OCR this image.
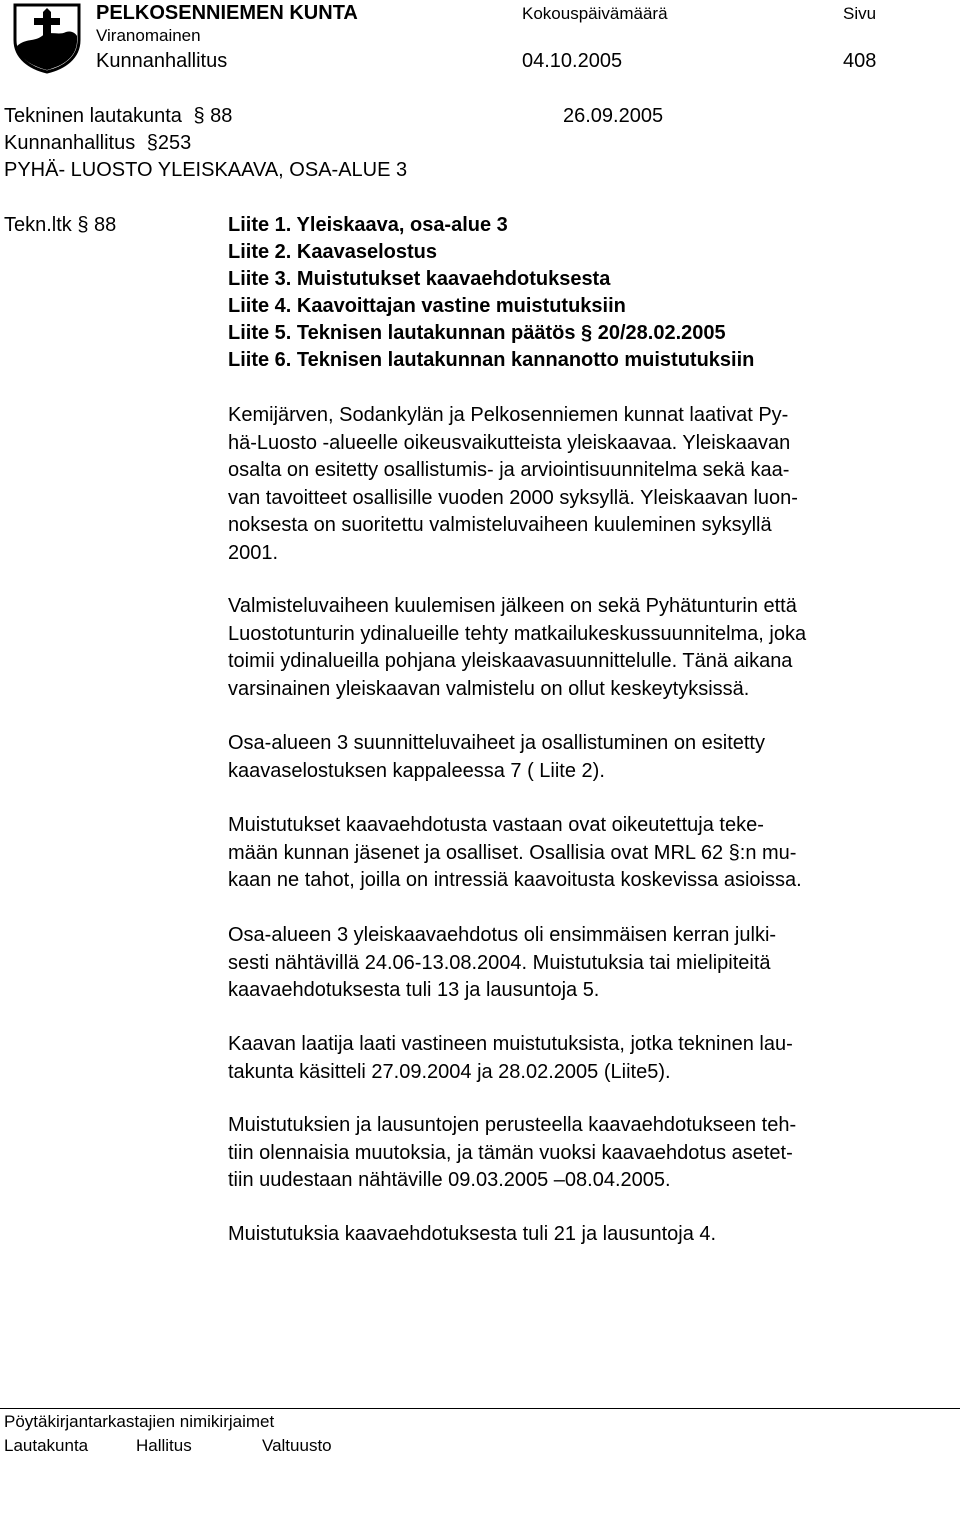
PELKOSENNIEMEN KUNTA	Kokouspäivämäärä	Sivu
Viranomainen
Kunnanhallitus	04.10.2005	408
Tekninen lautakunta § 88	26.09.2005
Kunnanhallitus §253
PYHÄ- LUOSTO YLEISKAAVA, OSA-ALUE 3
Tekn.ltk § 88	Liite 1. Yleiskaava, osa-alue 3
Liite 2. Kaavaselostus
Liite 3. Muistutukset kaavaehdotuksesta
Liite 4. Kaavoittajan vastine muistutuksiin
Liite 5. Teknisen lautakunnan päätös § 20/28.02.2005
Liite 6. Teknisen lautakunnan kannanotto muistutuksiin
Kemijärven, Sodankylän ja Pelkosenniemen kunnat laativat Py-
hä-Luosto -alueelle oikeusvaikutteista yleiskaavaa. Yleiskaavan
osalta on esitetty osallistumis- ja arviointisuunnitelma sekä kaa-
van tavoitteet osallisille vuoden 2000 syksyllä. Yleiskaavan luon-
noksesta on suoritettu valmisteluvaiheen kuuleminen syksyllä
2001.
Valmisteluvaiheen kuulemisen jälkeen on sekä Pyhätunturin että
Luostotunturin ydinalueille tehty matkailukeskussuunnitelma, joka
toimii ydinalueilla pohjana yleiskaavasuunnittelulle. Tänä aikana
varsinainen yleiskaavan valmistelu on ollut keskeytyksissä.
Osa-alueen 3 suunnitteluvaiheet ja osallistuminen on esitetty
kaavaselostuksen kappaleessa 7 ( Liite 2).
Muistutukset kaavaehdotusta vastaan ovat oikeutettuja teke-
mään kunnan jäsenet ja osalliset. Osallisia ovat MRL 62 §:n mu-
kaan ne tahot, joilla on intressiä kaavoitusta koskevissa asioissa.
Osa-alueen 3 yleiskaavaehdotus oli ensimmäisen kerran julki-
sesti nähtävillä 24.06-13.08.2004. Muistutuksia tai mielipiteitä
kaavaehdotuksesta tuli 13 ja lausuntoja 5.
Kaavan laatija laati vastineen muistutuksista, jotka tekninen lau-
takunta käsitteli 27.09.2004 ja 28.02.2005 (Liite5).
Muistutuksien ja lausuntojen perusteella kaavaehdotukseen teh-
tiin olennaisia muutoksia, ja tämän vuoksi kaavaehdotus asetet-
tiin uudestaan nähtäville 09.03.2005 –08.04.2005.
Muistutuksia kaavaehdotuksesta tuli 21 ja lausuntoja 4.
Pöytäkirjantarkastajien nimikirjaimet
Lautakunta	Hallitus	Valtuusto
